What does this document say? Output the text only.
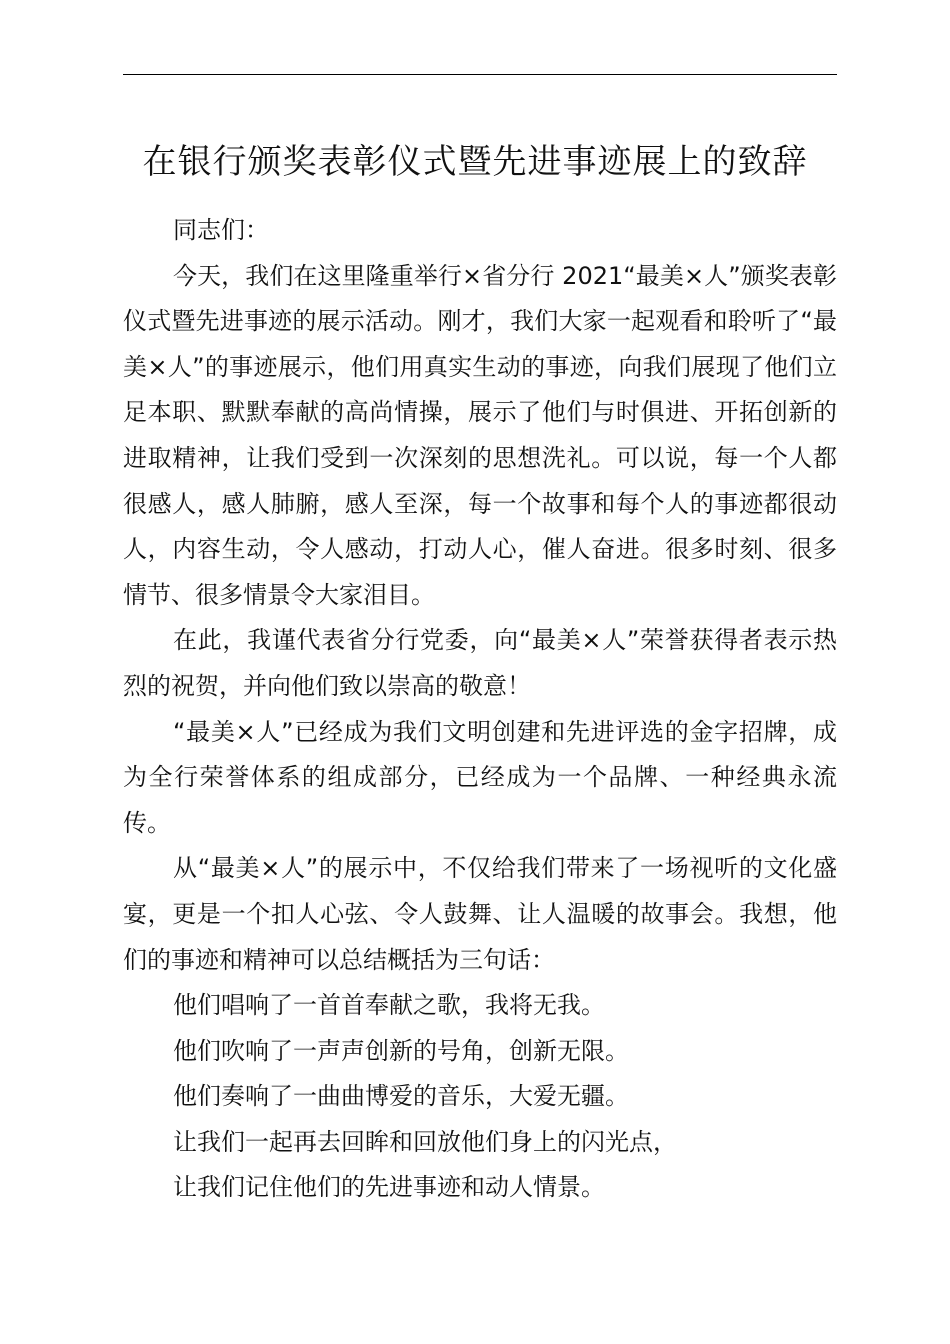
在银行颁奖表彰仪式暨先进事迹展上的致辞

同志们：

今天，我们在这里隆重举行×省分行 2021“最美×人”颁奖表彰仪式暨先进事迹的展示活动。刚才，我们大家一起观看和聆听了“最美×人”的事迹展示，他们用真实生动的事迹，向我们展现了他们立足本职、默默奉献的高尚情操，展示了他们与时俱进、开拓创新的进取精神，让我们受到一次深刻的思想洗礼。可以说，每一个人都很感人，感人肺腑，感人至深，每一个故事和每个人的事迹都很动人，内容生动，令人感动，打动人心，催人奋进。很多时刻、很多情节、很多情景令大家泪目。

在此，我谨代表省分行党委，向“最美×人”荣誉获得者表示热烈的祝贺，并向他们致以崇高的敬意！

“最美×人”已经成为我们文明创建和先进评选的金字招牌，成为全行荣誉体系的组成部分，已经成为一个品牌、一种经典永流传。

从“最美×人”的展示中，不仅给我们带来了一场视听的文化盛宴，更是一个扣人心弦、令人鼓舞、让人温暖的故事会。我想，他们的事迹和精神可以总结概括为三句话：

他们唱响了一首首奉献之歌，我将无我。

他们吹响了一声声创新的号角，创新无限。

他们奏响了一曲曲博爱的音乐，大爱无疆。

让我们一起再去回眸和回放他们身上的闪光点，

让我们记住他们的先进事迹和动人情景。
